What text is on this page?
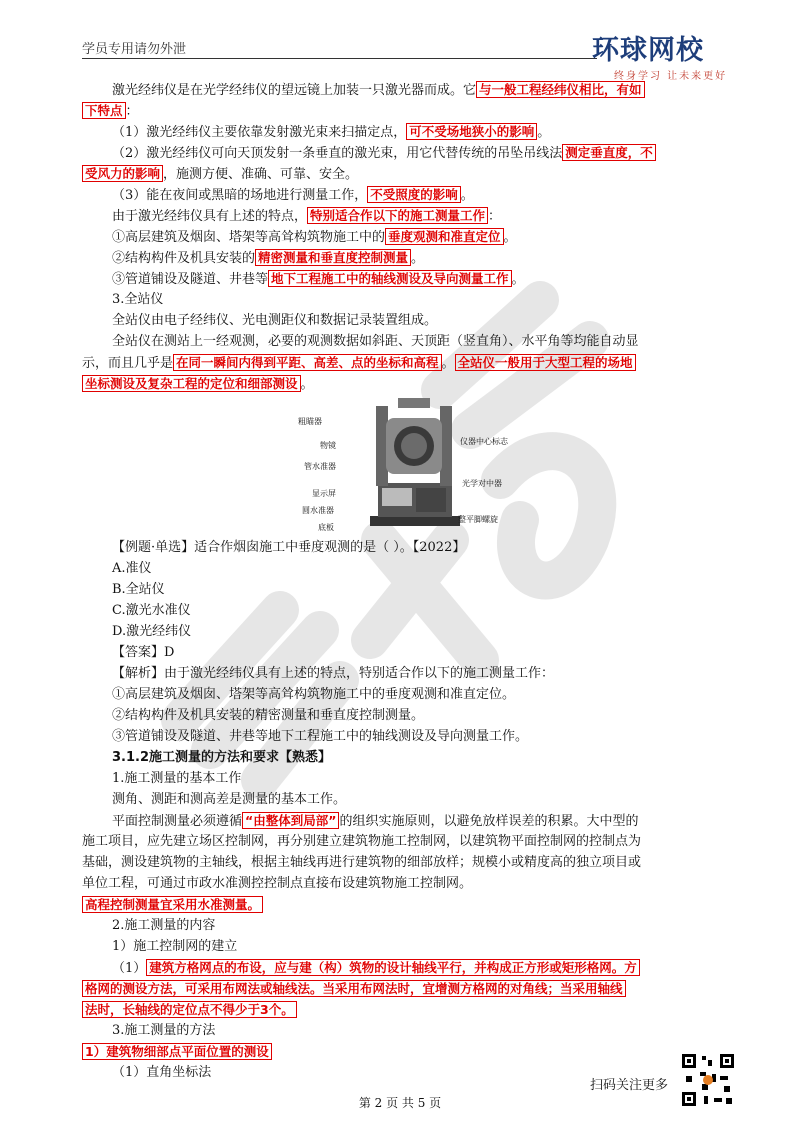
学员专用请勿外泄	环球网校
终身学习 让未来更好
激光经纬仪是在光学经纬仪的望远镜上加装一只激光器而成。它 与一般工程经纬仪相比，有如
下特点 ：
（1）激光经纬仪主要依靠发射激光束来扫描定点， 可不受场地狭小的影响 。
（2）激光经纬仪可向天顶发射一条垂直的激光束，用它代替传统的吊坠吊线法 测定垂直度，不
受风力的影响 ，施测方便、准确、可靠、安全。
（3）能在夜间或黑暗的场地进行测量工作， 不受照度的影响 。
由于激光经纬仪具有上述的特点， 特别适合作以下的施工测量工作 ：
①高层建筑及烟囱、塔架等高耸构筑物施工中的 垂度观测和准直定位 。
②结构构件及机具安装的 精密测量和垂直度控制测量 。
③管道铺设及隧道、井巷等 地下工程施工中的轴线测设及导向测量工作 。
3.全站仪
全站仪由电子经纬仪、光电测距仪和数据记录装置组成。
全站仪在测站上一经观测，必要的观测数据如斜距、天顶距（竖直角）、水平角等均能自动显
示，而且几乎是 在同一瞬间内得到平距、高差、点的坐标和高程 。 全站仪一般用于大型工程的场地
坐标测设及复杂工程的定位和细部测设 。
粗瞄器
物镜
管水准器
显示屏
圆水准器
底板
仪器中心标志
光学对中器
整平脚螺旋
【例题·单选】适合作烟囱施工中垂度观测的是（ ）。【2022】
A.准仪
B.全站仪
C.激光水准仪
D.激光经纬仪
【答案】D
【解析】由于激光经纬仪具有上述的特点，特别适合作以下的施工测量工作：
①高层建筑及烟囱、塔架等高耸构筑物施工中的垂度观测和准直定位。
②结构构件及机具安装的精密测量和垂直度控制测量。
③管道铺设及隧道、井巷等地下工程施工中的轴线测设及导向测量工作。
3.1.2施工测量的方法和要求【熟悉】
1.施工测量的基本工作
测角、测距和测高差是测量的基本工作。
平面控制测量必须遵循 “由整体到局部” 的组织实施原则，以避免放样误差的积累。大中型的
施工项目，应先建立场区控制网，再分别建立建筑物施工控制网，以建筑物平面控制网的控制点为
基础，测设建筑物的主轴线，根据主轴线再进行建筑物的细部放样；规模小或精度高的独立项目或
单位工程，可通过市政水准测控控制点直接布设建筑物施工控制网。
高程控制测量宜采用水准测量。
2.施工测量的内容
1）施工控制网的建立
（1） 建筑方格网点的布设，应与建（构）筑物的设计轴线平行，并构成正方形或矩形格网。方
格网的测设方法，可采用布网法或轴线法。当采用布网法时，宜增测方格网的对角线；当采用轴线
法时，长轴线的定位点不得少于3个。
3.施工测量的方法
1）建筑物细部点平面位置的测设
（1）直角坐标法
扫码关注更多
第 2 页 共 5 页
